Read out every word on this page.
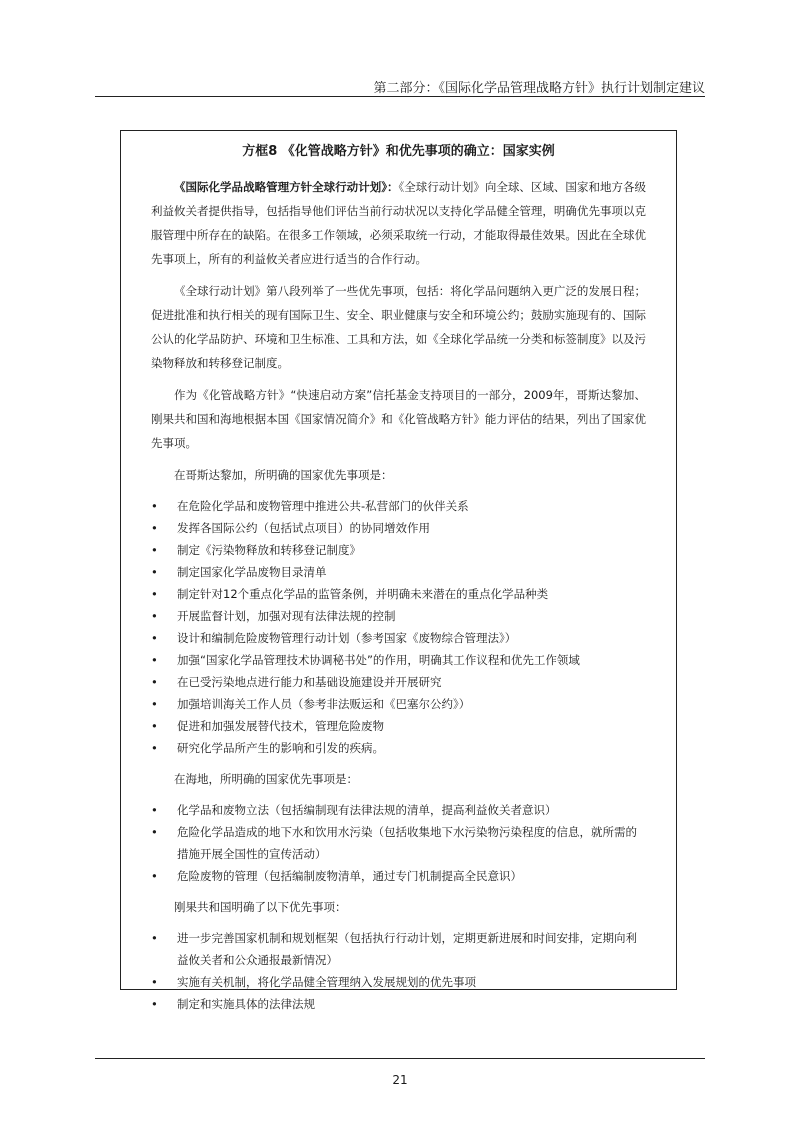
第二部分：《国际化学品管理战略方针》执行计划制定建议
方框8 《化管战略方针》和优先事项的确立：国家实例

《国际化学品战略管理方针全球行动计划》：《全球行动计划》向全球、区域、国家和地方各级利益攸关者提供指导，包括指导他们评估当前行动状况以支持化学品健全管理，明确优先事项以克服管理中所存在的缺陷。在很多工作领域，必须采取统一行动，才能取得最佳效果。因此在全球优先事项上，所有的利益攸关者应进行适当的合作行动。

《全球行动计划》第八段列举了一些优先事项，包括：将化学品问题纳入更广泛的发展日程；促进批准和执行相关的现有国际卫生、安全、职业健康与安全和环境公约；鼓励实施现有的、国际公认的化学品防护、环境和卫生标准、工具和方法，如《全球化学品统一分类和标签制度》以及污染物释放和转移登记制度。

作为《化管战略方针》“快速启动方案”信托基金支持项目的一部分，2009年，哥斯达黎加、刚果共和国和海地根据本国《国家情况简介》和《化管战略方针》能力评估的结果，列出了国家优先事项。

在哥斯达黎加，所明确的国家优先事项是：

•	在危险化学品和废物管理中推进公共-私营部门的伙伴关系
•	发挥各国际公约（包括试点项目）的协同增效作用
•	制定《污染物释放和转移登记制度》
•	制定国家化学品废物目录清单
•	制定针对12个重点化学品的监管条例，并明确未来潜在的重点化学品种类
•	开展监督计划，加强对现有法律法规的控制
•	设计和编制危险废物管理行动计划（参考国家《废物综合管理法》）
•	加强“国家化学品管理技术协调秘书处”的作用，明确其工作议程和优先工作领域
•	在已受污染地点进行能力和基础设施建设并开展研究
•	加强培训海关工作人员（参考非法贩运和《巴塞尔公约》）
•	促进和加强发展替代技术，管理危险废物
•	研究化学品所产生的影响和引发的疾病。

在海地，所明确的国家优先事项是：

•	化学品和废物立法（包括编制现有法律法规的清单，提高利益攸关者意识）
•	危险化学品造成的地下水和饮用水污染（包括收集地下水污染物污染程度的信息，就所需的措施开展全国性的宣传活动）
•	危险废物的管理（包括编制废物清单，通过专门机制提高全民意识）

刚果共和国明确了以下优先事项：

•	进一步完善国家机制和规划框架（包括执行行动计划，定期更新进展和时间安排，定期向利益攸关者和公众通报最新情况）
•	实施有关机制，将化学品健全管理纳入发展规划的优先事项
•	制定和实施具体的法律法规
21
